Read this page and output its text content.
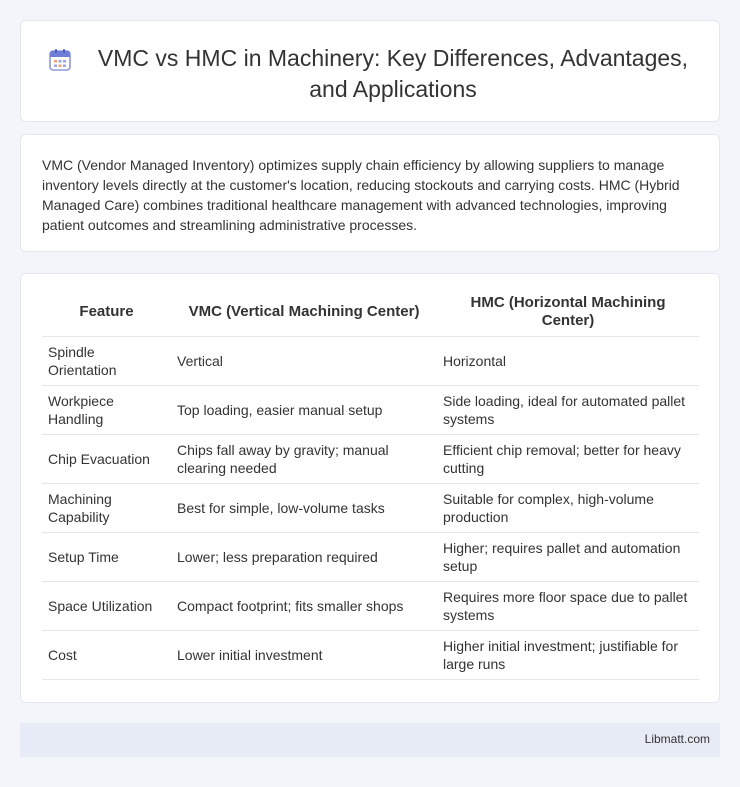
VMC vs HMC in Machinery: Key Differences, Advantages, and Applications

VMC (Vendor Managed Inventory) optimizes supply chain efficiency by allowing suppliers to manage inventory levels directly at the customer's location, reducing stockouts and carrying costs. HMC (Hybrid Managed Care) combines traditional healthcare management with advanced technologies, improving patient outcomes and streamlining administrative processes.

Feature	VMC (Vertical Machining Center)	HMC (Horizontal Machining Center)
Spindle Orientation	Vertical	Horizontal
Workpiece Handling	Top loading, easier manual setup	Side loading, ideal for automated pallet systems
Chip Evacuation	Chips fall away by gravity; manual clearing needed	Efficient chip removal; better for heavy cutting
Machining Capability	Best for simple, low-volume tasks	Suitable for complex, high-volume production
Setup Time	Lower; less preparation required	Higher; requires pallet and automation setup
Space Utilization	Compact footprint; fits smaller shops	Requires more floor space due to pallet systems
Cost	Lower initial investment	Higher initial investment; justifiable for large runs
Libmatt.com
